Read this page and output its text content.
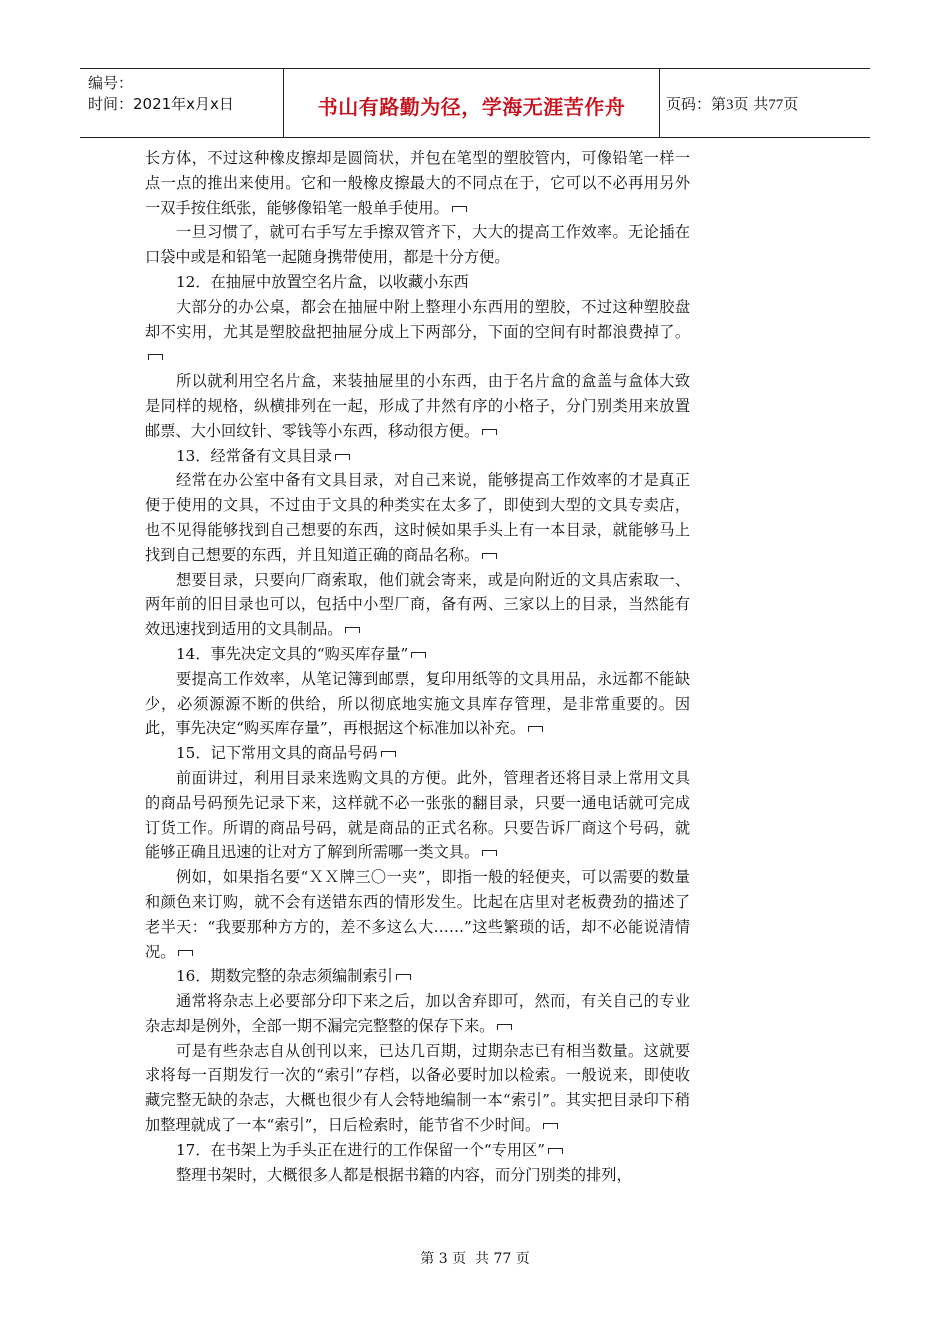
编号：
时间：2021年x月x日	书山有路勤为径，学海无涯苦作舟	页码：第3页 共77页

长方体，不过这种橡皮擦却是圆筒状，并包在笔型的塑胶管内，可像铅笔一样一点一点的推出来使用。它和一般橡皮擦最大的不同点在于，它可以不必再用另外一双手按住纸张，能够像铅笔一般单手使用。

一旦习惯了，就可右手写左手擦双管齐下，大大的提高工作效率。无论插在口袋中或是和铅笔一起随身携带使用，都是十分方便。

12．在抽屉中放置空名片盒，以收藏小东西

大部分的办公桌，都会在抽屉中附上整理小东西用的塑胶，不过这种塑胶盘却不实用，尤其是塑胶盘把抽屉分成上下两部分，下面的空间有时都浪费掉了。

所以就利用空名片盒，来装抽屉里的小东西，由于名片盒的盒盖与盒体大致是同样的规格，纵横排列在一起，形成了井然有序的小格子，分门别类用来放置邮票、大小回纹针、零钱等小东西，移动很方便。

13．经常备有文具目录

经常在办公室中备有文具目录，对自己来说，能够提高工作效率的才是真正便于使用的文具，不过由于文具的种类实在太多了，即使到大型的文具专卖店，也不见得能够找到自己想要的东西，这时候如果手头上有一本目录，就能够马上找到自己想要的东西，并且知道正确的商品名称。

想要目录，只要向厂商索取，他们就会寄来，或是向附近的文具店索取一、两年前的旧目录也可以，包括中小型厂商，备有两、三家以上的目录，当然能有效迅速找到适用的文具制品。

14．事先决定文具的“购买库存量”

要提高工作效率，从笔记簿到邮票，复印用纸等的文具用品，永远都不能缺少，必须源源不断的供给，所以彻底地实施文具库存管理，是非常重要的。因此，事先决定“购买库存量”，再根据这个标准加以补充。

15．记下常用文具的商品号码

前面讲过，利用目录来选购文具的方便。此外，管理者还将目录上常用文具的商品号码预先记录下来，这样就不必一张张的翻目录，只要一通电话就可完成订货工作。所谓的商品号码，就是商品的正式名称。只要告诉厂商这个号码，就能够正确且迅速的让对方了解到所需哪一类文具。

例如，如果指名要“ＸＸ牌三〇一夹”，即指一般的轻便夹，可以需要的数量和颜色来订购，就不会有送错东西的情形发生。比起在店里对老板费劲的描述了老半天：“我要那种方方的，差不多这么大……”这些繁琐的话，却不必能说清情况。

16．期数完整的杂志须编制索引

通常将杂志上必要部分印下来之后，加以舍弃即可，然而，有关自己的专业杂志却是例外，全部一期不漏完完整整的保存下来。

可是有些杂志自从创刊以来，已达几百期，过期杂志已有相当数量。这就要求将每一百期发行一次的“索引”存档，以备必要时加以检索。一般说来，即使收藏完整无缺的杂志，大概也很少有人会特地编制一本“索引”。其实把目录印下稍加整理就成了一本“索引”，日后检索时，能节省不少时间。

17．在书架上为手头正在进行的工作保留一个“专用区”

整理书架时，大概很多人都是根据书籍的内容，而分门别类的排列，

第 3 页  共 77 页
